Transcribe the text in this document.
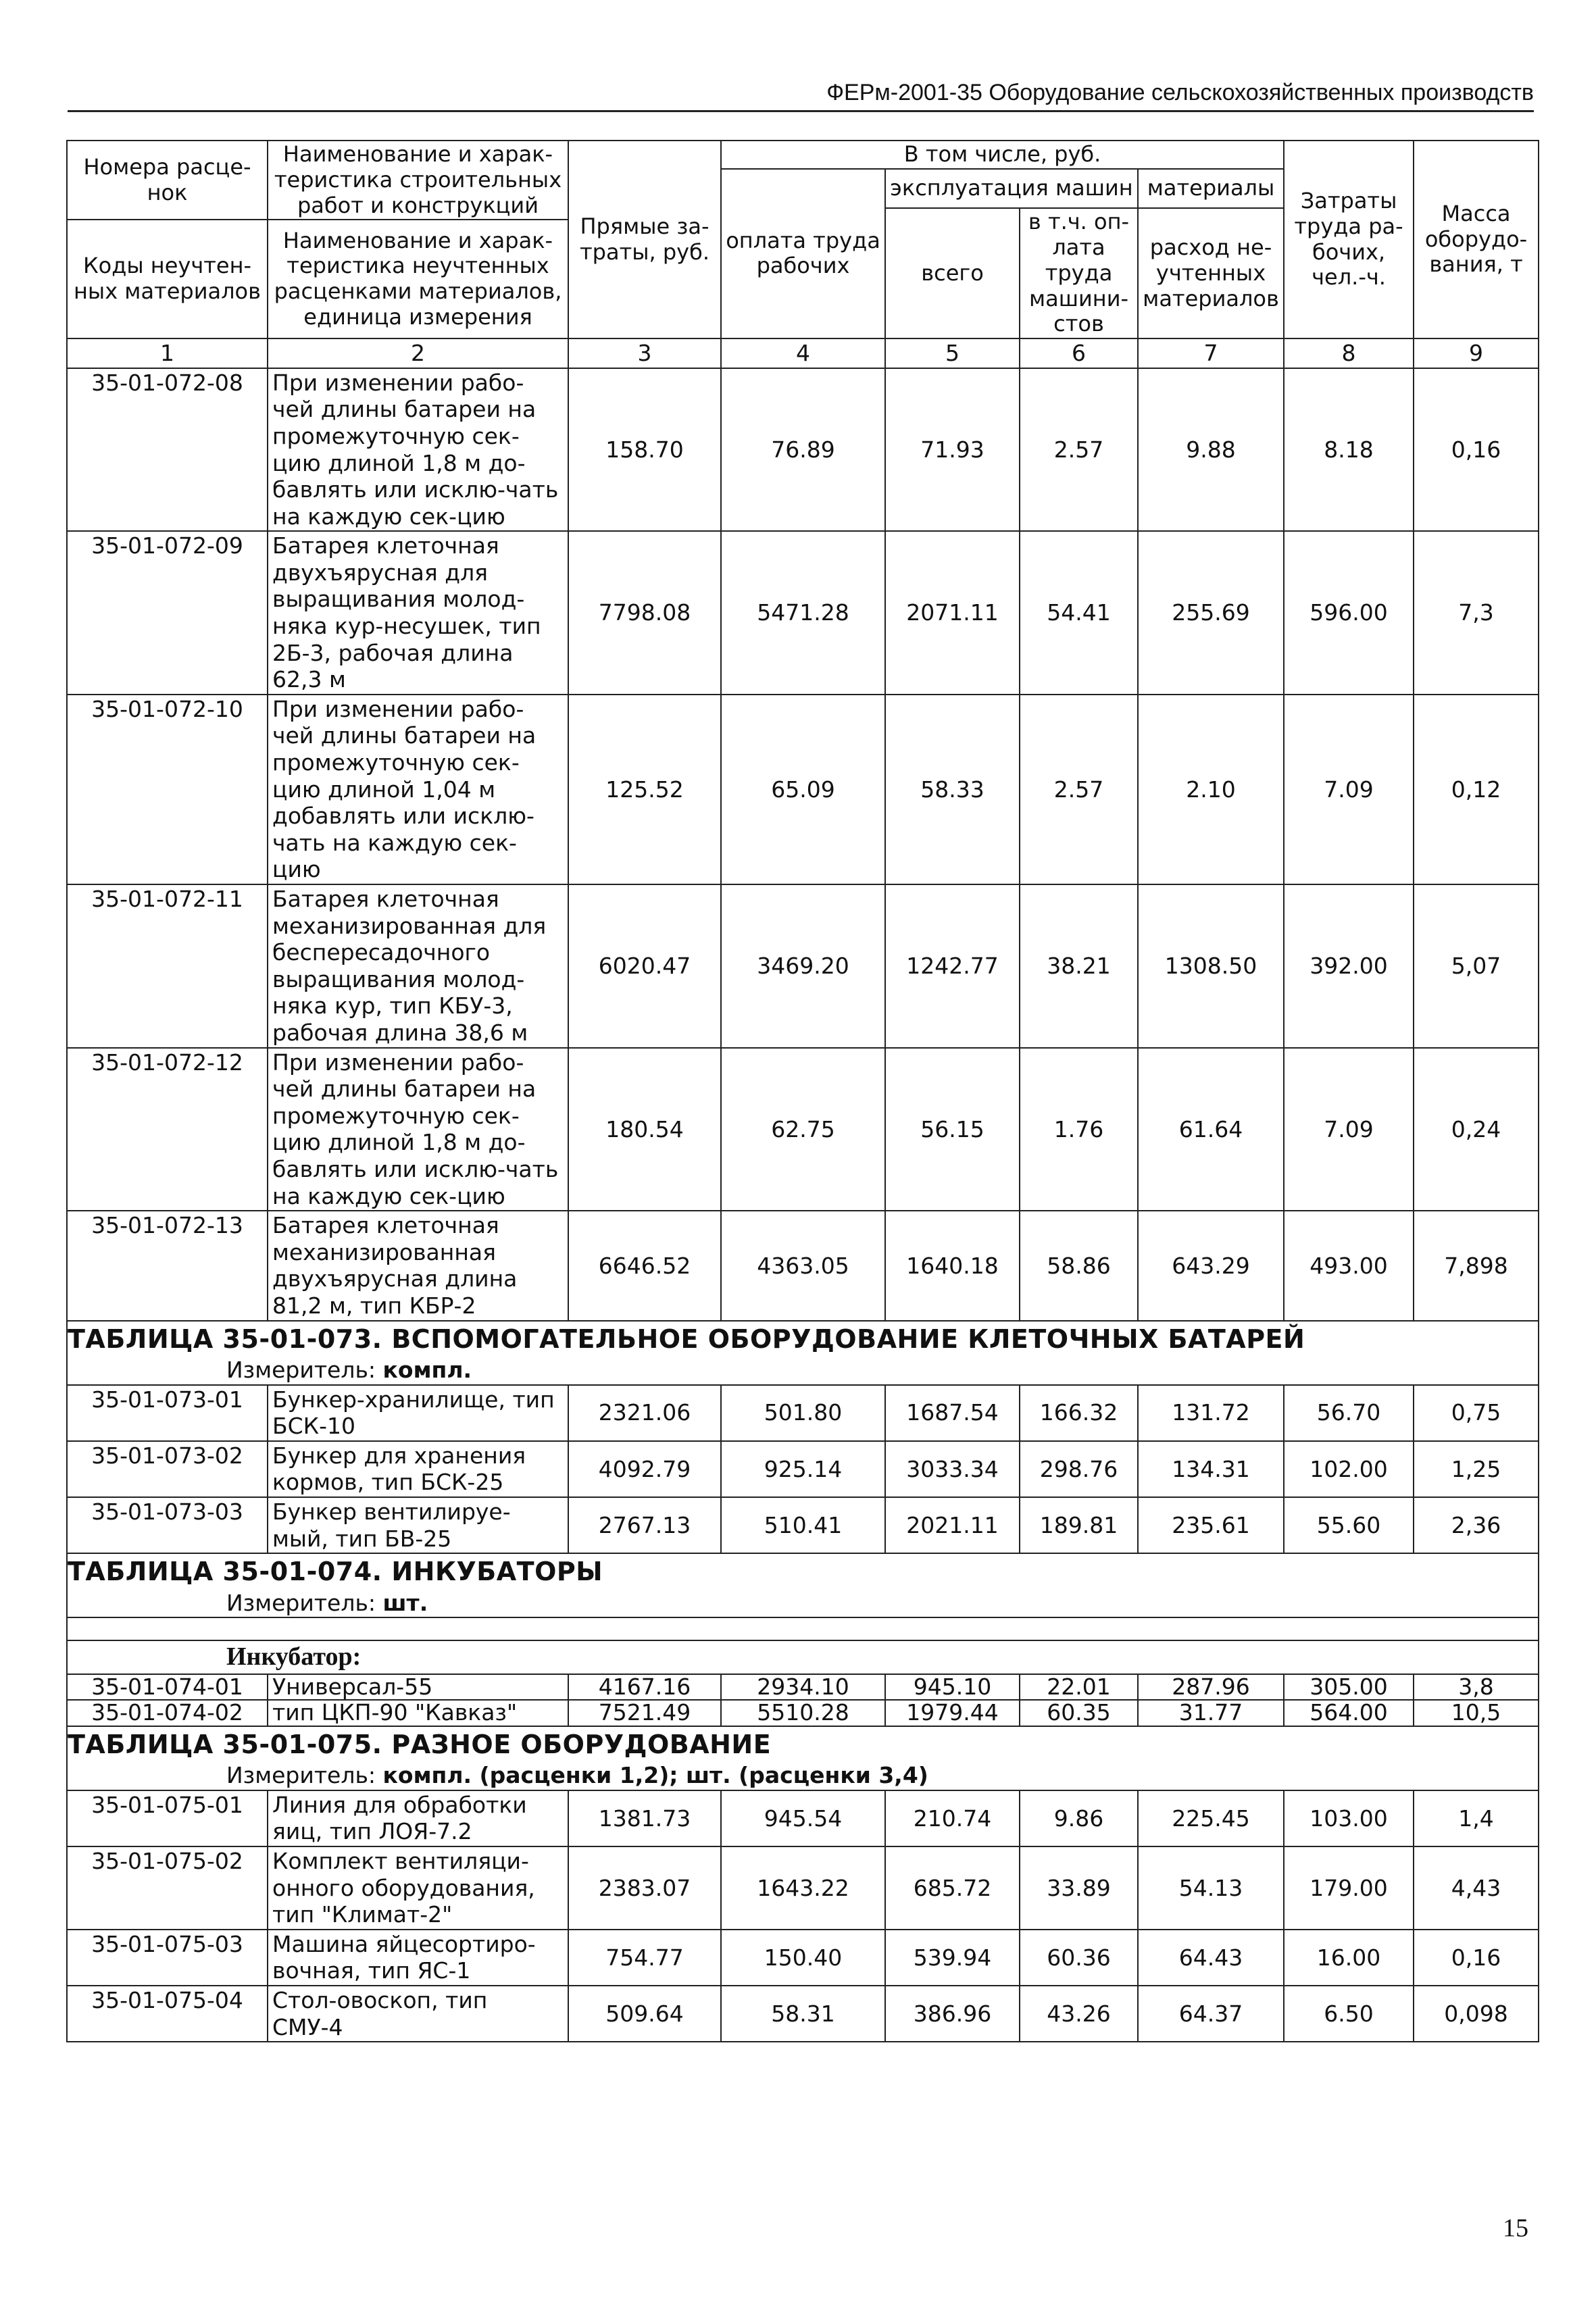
ФЕРм-2001-35 Оборудование сельскохозяйственных производств
Номера расце-нок	Наименование и харак-теристика строительных работ и конструкций	Прямые за-траты, руб.	В том числе, руб.				Затраты труда ра-бочих, чел.-ч.	Масса оборудо-вания, т
			оплата труда рабочих	эксплуатация машин		материалы		
				всего	в т.ч. оп-лата труда машини-стов	расход не-учтенных материалов		
Коды неучтен-ных материалов	Наименование и харак-теристика неучтенных расценками материалов, единица измерения							

1	2	3	4	5	6	7	8	9
35-01-072-08	При изменении рабо-чей длины батареи на промежуточную сек-цию длиной 1,8 м до-бавлять или исклю-чать на каждую сек-цию	158.70	76.89	71.93	2.57	9.88	8.18	0,16
35-01-072-09	Батарея клеточная двухъярусная для выращивания молод-няка кур-несушек, тип 2Б-3, рабочая длина 62,3 м	7798.08	5471.28	2071.11	54.41	255.69	596.00	7,3
35-01-072-10	При изменении рабо-чей длины батареи на промежуточную сек-цию длиной 1,04 м добавлять или исклю-чать на каждую сек-цию	125.52	65.09	58.33	2.57	2.10	7.09	0,12
35-01-072-11	Батарея клеточная механизированная для беспересадочного выращивания молод-няка кур, тип КБУ-3, рабочая длина 38,6 м	6020.47	3469.20	1242.77	38.21	1308.50	392.00	5,07
35-01-072-12	При изменении рабо-чей длины батареи на промежуточную сек-цию длиной 1,8 м до-бавлять или исклю-чать на каждую сек-цию	180.54	62.75	56.15	1.76	61.64	7.09	0,24
35-01-072-13	Батарея клеточная механизированная двухъярусная длина 81,2 м, тип КБР-2	6646.52	4363.05	1640.18	58.86	643.29	493.00	7,898
ТАБЛИЦА 35-01-073. ВСПОМОГАТЕЛЬНОЕ ОБОРУДОВАНИЕ КЛЕТОЧНЫХ БАТАРЕЙ								
Измеритель: компл.								
35-01-073-01	Бункер-хранилище, тип БСК-10	2321.06	501.80	1687.54	166.32	131.72	56.70	0,75
35-01-073-02	Бункер для хранения кормов, тип БСК-25	4092.79	925.14	3033.34	298.76	134.31	102.00	1,25
35-01-073-03	Бункер вентилируе-мый, тип БВ-25	2767.13	510.41	2021.11	189.81	235.61	55.60	2,36
ТАБЛИЦА 35-01-074. ИНКУБАТОРЫ								
Измеритель: шт.								

Инкубатор:								
35-01-074-01	Универсал-55	4167.16	2934.10	945.10	22.01	287.96	305.00	3,8
35-01-074-02	тип ЦКП-90 "Кавказ"	7521.49	5510.28	1979.44	60.35	31.77	564.00	10,5
ТАБЛИЦА 35-01-075. РАЗНОЕ ОБОРУДОВАНИЕ								
Измеритель: компл. (расценки 1,2); шт. (расценки 3,4)								
35-01-075-01	Линия для обработки яиц, тип ЛОЯ-7.2	1381.73	945.54	210.74	9.86	225.45	103.00	1,4
35-01-075-02	Комплект вентиляци-онного оборудования, тип "Климат-2"	2383.07	1643.22	685.72	33.89	54.13	179.00	4,43
35-01-075-03	Машина яйцесортиро-вочная, тип ЯС-1	754.77	150.40	539.94	60.36	64.43	16.00	0,16
35-01-075-04	Стол-овоскоп, тип СМУ-4	509.64	58.31	386.96	43.26	64.37	6.50	0,098
15
